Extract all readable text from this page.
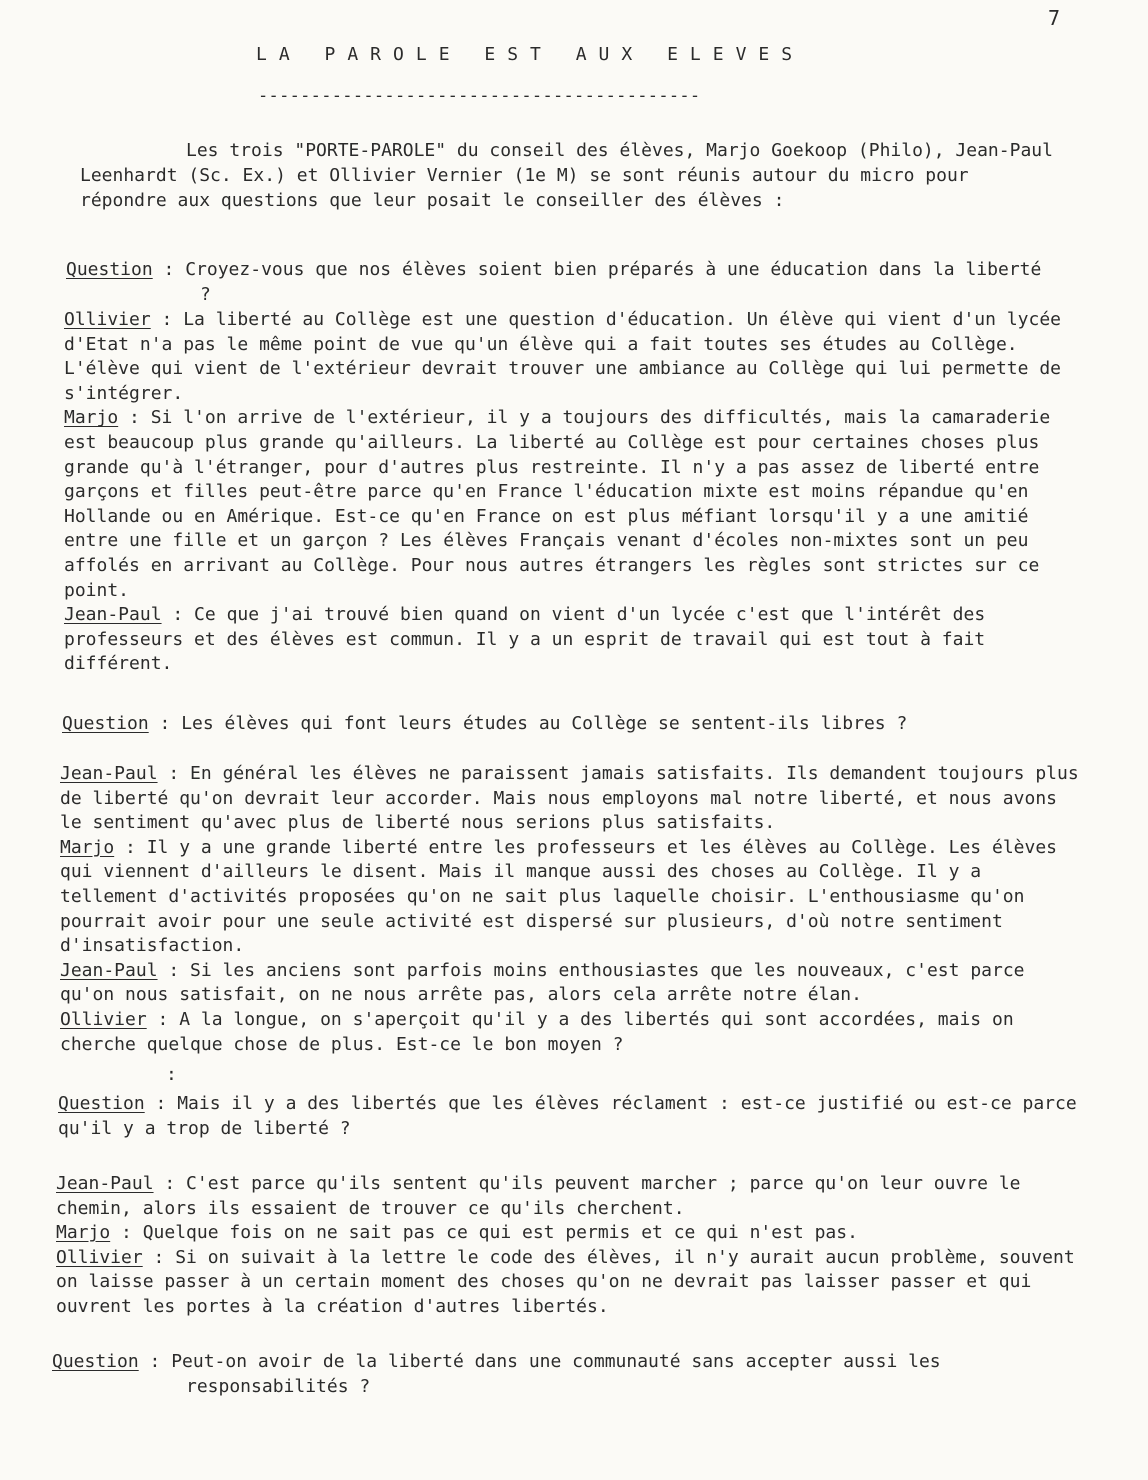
7
LA PAROLE EST AUX ELEVES
------------------------------------------

Les trois "PORTE-PAROLE" du conseil des élèves, Marjo Goekoop (Philo), Jean-Paul Leenhardt (Sc. Ex.) et Ollivier Vernier (1e M) se sont réunis autour du micro pour répondre aux questions que leur posait le conseiller des élèves :

Question : Croyez-vous que nos élèves soient bien préparés à une éducation dans la liberté ?

Ollivier : La liberté au Collège est une question d'éducation. Un élève qui vient d'un lycée d'Etat n'a pas le même point de vue qu'un élève qui a fait toutes ses études au Collège. L'élève qui vient de l'extérieur devrait trouver une ambiance au Collège qui lui permette de s'intégrer.
Marjo : Si l'on arrive de l'extérieur, il y a toujours des difficultés, mais la camaraderie est beaucoup plus grande qu'ailleurs. La liberté au Collège est pour certaines choses plus grande qu'à l'étranger, pour d'autres plus restreinte. Il n'y a pas assez de liberté entre garçons et filles peut-être parce qu'en France l'éducation mixte est moins répandue qu'en Hollande ou en Amérique. Est-ce qu'en France on est plus méfiant lorsqu'il y a une amitié entre une fille et un garçon ? Les élèves Français venant d'écoles non-mixtes sont un peu affolés en arrivant au Collège. Pour nous autres étrangers les règles sont strictes sur ce point.
Jean-Paul : Ce que j'ai trouvé bien quand on vient d'un lycée c'est que l'intérêt des professeurs et des élèves est commun. Il y a un esprit de travail qui est tout à fait différent.

Question : Les élèves qui font leurs études au Collège se sentent-ils libres ?

Jean-Paul : En général les élèves ne paraissent jamais satisfaits. Ils demandent toujours plus de liberté qu'on devrait leur accorder. Mais nous employons mal notre liberté, et nous avons le sentiment qu'avec plus de liberté nous serions plus satisfaits.
Marjo : Il y a une grande liberté entre les professeurs et les élèves au Collège. Les élèves qui viennent d'ailleurs le disent. Mais il manque aussi des choses au Collège. Il y a tellement d'activités proposées qu'on ne sait plus laquelle choisir. L'enthousiasme qu'on pourrait avoir pour une seule activité est dispersé sur plusieurs, d'où notre sentiment d'insatisfaction.
Jean-Paul : Si les anciens sont parfois moins enthousiastes que les nouveaux, c'est parce qu'on nous satisfait, on ne nous arrête pas, alors cela arrête notre élan.
Ollivier : A la longue, on s'aperçoit qu'il y a des libertés qui sont accordées, mais on cherche quelque chose de plus. Est-ce le bon moyen ?

:

Question : Mais il y a des libertés que les élèves réclament : est-ce justifié ou est-ce parce qu'il y a trop de liberté ?

Jean-Paul : C'est parce qu'ils sentent qu'ils peuvent marcher ; parce qu'on leur ouvre le chemin, alors ils essaient de trouver ce qu'ils cherchent.
Marjo : Quelque fois on ne sait pas ce qui est permis et ce qui n'est pas.
Ollivier : Si on suivait à la lettre le code des élèves, il n'y aurait aucun problème, souvent on laisse passer à un certain moment des choses qu'on ne devrait pas laisser passer et qui ouvrent les portes à la création d'autres libertés.

Question : Peut-on avoir de la liberté dans une communauté sans accepter aussi les responsabilités ?
